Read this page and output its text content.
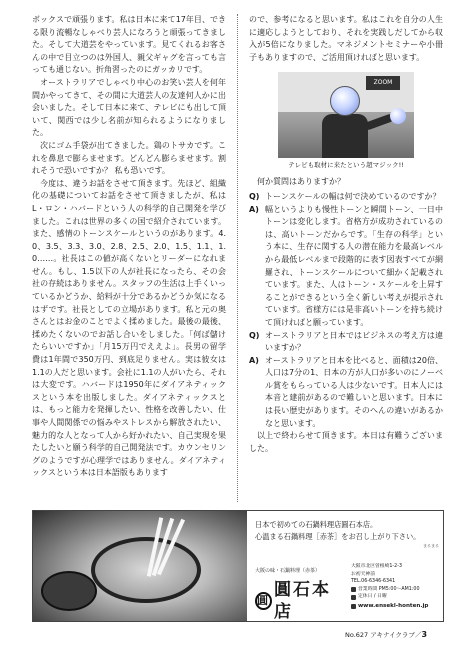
ボックスで頑張ります。私は日本に来て17年目、できる限り流暢なしゃべり芸人になろうと頑張ってきました。そして大道芸をやっています。見てくれるお客さんの中で目立つのは外国人、親父ギャグを言っても言っても通じない。折角習ったのにガッカリです。

オーストラリアでしゃべり中心のお笑い芸人を何年間かやってきて、その間に大道芸人の友達何人かに出会いました。そして日本に来て、テレビにも出して頂いて、関西では少し名前が知られるようになりました。

次にゴム手袋が出てきました。鶏のトサカです。これを鼻息で膨らませます。どんどん膨らませます。割れそうで恐いですか？ 私も恐いです。

今度は、違うお話をさせて頂きます。先ほど、組織化の基礎についてお話をさせて頂きましたが、私はL・ロン・ハバードという人の科学的自己開発を学びました。これは世界の多くの国で紹介されています。また、感情のトーンスケールというのがあります。4.0、3.5、3.3、3.0、2.8、2.5、2.0、1.5、1.1、1.0……。社長はこの値が高くないとリーダーになれません。もし、1.5以下の人が社長になったら、その会社の存続はありません。スタッフの生活は上手くいっているかどうか、給料が十分であるかどうか気になるはずです。社長としての立場があります。私と元の奥さんとはお金のことでよく揉めました。最後の最後、揉めたくないのでお話し合いをしました。「何ば儲けたらいいですか」「月15万円でええよ」。長男の留学費は1年間で350万円、到底足りません。実は彼女は1.1の人だと思います。会社に1.1の人がいたら、それは大変です。ハバードは1950年にダイアネティックスという本を出版しました。ダイアネティックスとは、もっと能力を発揮したい、性格を改善したい、仕事や人間関係での悩みやストレスから解放されたい、魅力的な人となって人から好かれたい、自己実現を果たしたいと願う科学的自己開発法です。カウンセリングのようですが心理学ではありません。ダイアネティックスという本は日本語版もあります

ので、参考になると思います。私はこれを自分の人生に適応しようとしており、それを実践しだしてから収入が5倍になりました。マネジメントセミナーや小冊子もありますので、ご活用頂ければと思います。

ZOOM
テレビも取材に来たという超マジック!!

何か質問はありますか？

Q) トーンスケールの幅は何で決めているのですか？
A) 幅というよりも慢性トーンと瞬間トーン、一日中トーンは変化します。省格方が成功されているのは、高いトーンだからです。「生存の科学」という本に、生存に関する人の潜在能力を最高レベルから最低レベルまで段階的に表す図表すべてが網羅され、トーンスケールについて細かく記載されています。また、人はトーン・スケールを上昇することができるという全く新しい考えが提示されています。省様方には是非高いトーンを持ち続けて頂ければと願っています。
Q) オーストラリアと日本ではビジネスの考え方は違いますか？
A) オーストラリアと日本を比べると、面積は20倍、人口は7分の1、日本の方が人口が多いのにノーベル賞をもらっている人は少ないです。日本人には本音と建前があるので難しいと思います。日本には長い歴史があります。そのへんの違いがあるかなと思います。

以上で終わらせて頂きます。本日は有難うございました。

日本で初めての石鍋料理店圓石本店。
心温まる石鍋料理［赤茶］をお召し上がり下さい。
まるまる
大阪の味・石鍋料理（赤茶）
圓
圓石本店
大阪市北区曽根崎1-2-3
お初天神前
TEL.06-6346-6341
営業時間 PM5:00〜AM1:00
定休日 / 日曜
www.ensekl-honten.jp
No.627 アキナイクラブ／3
